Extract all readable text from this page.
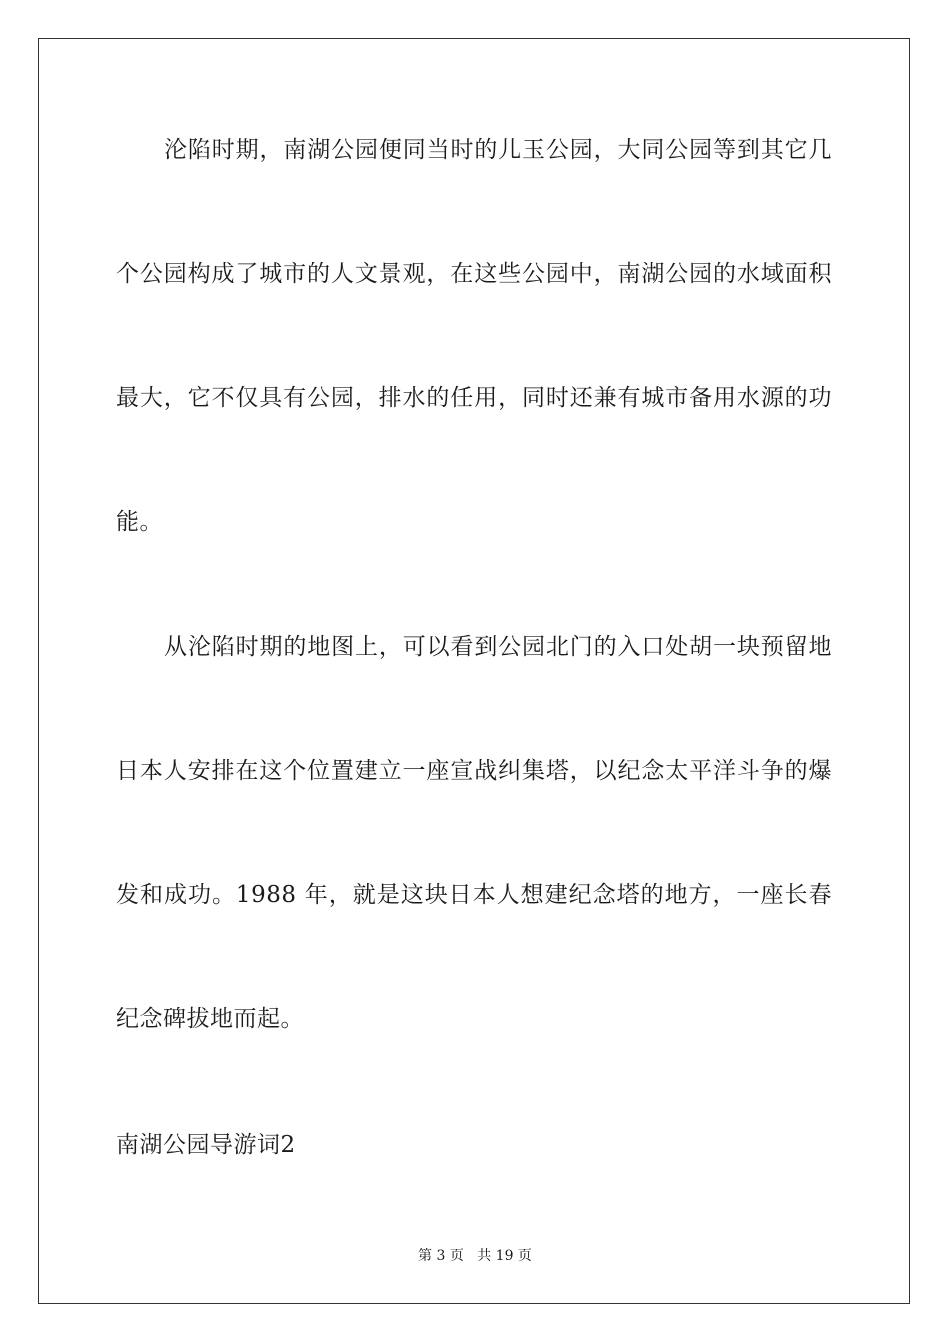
沦陷时期，南湖公园便同当时的儿玉公园，大同公园等到其它几
个公园构成了城市的人文景观，在这些公园中，南湖公园的水域面积
最大，它不仅具有公园，排水的任用，同时还兼有城市备用水源的功
能。
从沦陷时期的地图上，可以看到公园北门的入口处胡一块预留地
日本人安排在这个位置建立一座宣战纠集塔，以纪念太平洋斗争的爆
发和成功。1988 年，就是这块日本人想建纪念塔的地方，一座长春
纪念碑拔地而起。
南湖公园导游词2
第 3 页 共 19 页
